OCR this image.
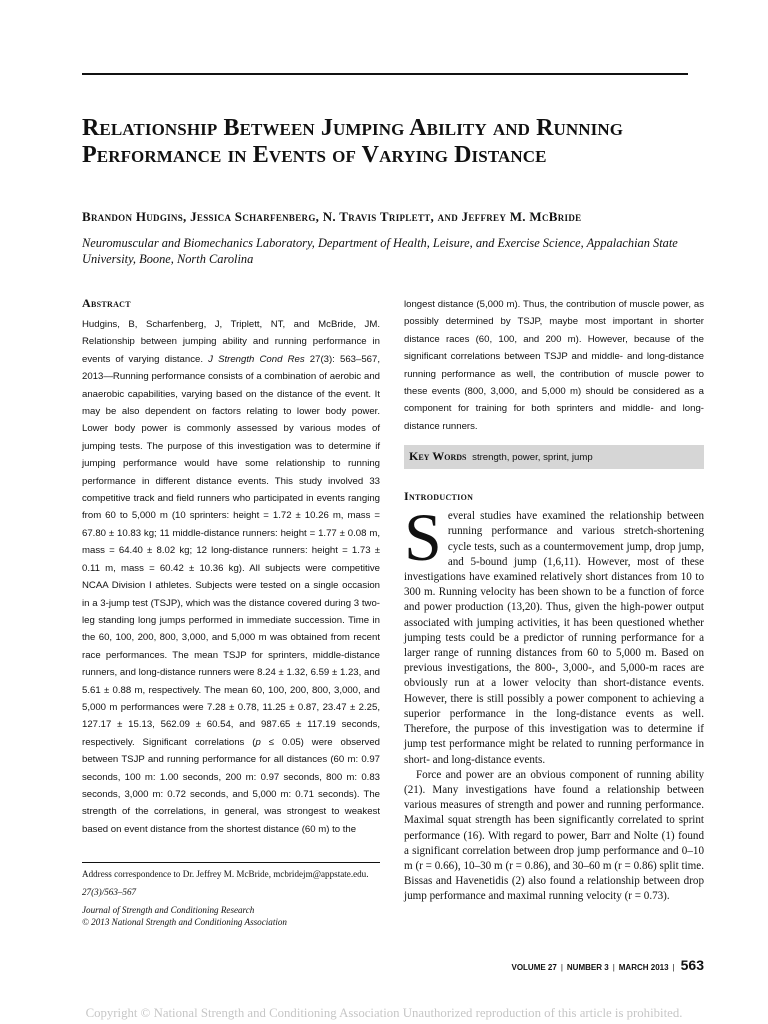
Relationship Between Jumping Ability and Running Performance in Events of Varying Distance

Brandon Hudgins, Jessica Scharfenberg, N. Travis Triplett, and Jeffrey M. McBride

Neuromuscular and Biomechanics Laboratory, Department of Health, Leisure, and Exercise Science, Appalachian State University, Boone, North Carolina

Abstract

Hudgins, B, Scharfenberg, J, Triplett, NT, and McBride, JM. Relationship between jumping ability and running performance in events of varying distance. J Strength Cond Res 27(3): 563–567, 2013—Running performance consists of a combination of aerobic and anaerobic capabilities, varying based on the distance of the event. It may be also dependent on factors relating to lower body power. Lower body power is commonly assessed by various modes of jumping tests. The purpose of this investigation was to determine if jumping performance would have some relationship to running performance in different distance events. This study involved 33 competitive track and field runners who participated in events ranging from 60 to 5,000 m (10 sprinters: height = 1.72 ± 10.26 m, mass = 67.80 ± 10.83 kg; 11 middle-distance runners: height = 1.77 ± 0.08 m, mass = 64.40 ± 8.02 kg; 12 long-distance runners: height = 1.73 ± 0.11 m, mass = 60.42 ± 10.36 kg). All subjects were competitive NCAA Division I athletes. Subjects were tested on a single occasion in a 3-jump test (TSJP), which was the distance covered during 3 two-leg standing long jumps performed in immediate succession. Time in the 60, 100, 200, 800, 3,000, and 5,000 m was obtained from recent race performances. The mean TSJP for sprinters, middle-distance runners, and long-distance runners were 8.24 ± 1.32, 6.59 ± 1.23, and 5.61 ± 0.88 m, respectively. The mean 60, 100, 200, 800, 3,000, and 5,000 m performances were 7.28 ± 0.78, 11.25 ± 0.87, 23.47 ± 2.25, 127.17 ± 15.13, 562.09 ± 60.54, and 987.65 ± 117.19 seconds, respectively. Significant correlations (p ≤ 0.05) were observed between TSJP and running performance for all distances (60 m: 0.97 seconds, 100 m: 1.00 seconds, 200 m: 0.97 seconds, 800 m: 0.83 seconds, 3,000 m: 0.72 seconds, and 5,000 m: 0.71 seconds). The strength of the correlations, in general, was strongest to weakest based on event distance from the shortest distance (60 m) to the

longest distance (5,000 m). Thus, the contribution of muscle power, as possibly determined by TSJP, maybe most important in shorter distance races (60, 100, and 200 m). However, because of the significant correlations between TSJP and middle- and long-distance running performance as well, the contribution of muscle power to these events (800, 3,000, and 5,000 m) should be considered as a component for training for both sprinters and middle- and long-distance runners.

Key Words strength, power, sprint, jump
Introduction

Several studies have examined the relationship between running performance and various stretch-shortening cycle tests, such as a countermovement jump, drop jump, and 5-bound jump (1,6,11). However, most of these investigations have examined relatively short distances from 10 to 300 m. Running velocity has been shown to be a function of force and power production (13,20). Thus, given the high-power output associated with jumping activities, it has been questioned whether jumping tests could be a predictor of running performance for a larger range of running distances from 60 to 5,000 m. Based on previous investigations, the 800-, 3,000-, and 5,000-m races are obviously run at a lower velocity than short-distance events. However, there is still possibly a power component to achieving a superior performance in the long-distance events as well. Therefore, the purpose of this investigation was to determine if jump test performance might be related to running performance in short- and long-distance events.

Force and power are an obvious component of running ability (21). Many investigations have found a relationship between various measures of strength and power and running performance. Maximal squat strength has been significantly correlated to sprint performance (16). With regard to power, Barr and Nolte (1) found a significant correlation between drop jump performance and 0–10 m (r = 0.66), 10–30 m (r = 0.86), and 30–60 m (r = 0.86) split time. Bissas and Havenetidis (2) also found a relationship between drop jump performance and maximal running velocity (r = 0.73).

Address correspondence to Dr. Jeffrey M. McBride, mcbridejm@appstate.edu.

27(3)/563–567

Journal of Strength and Conditioning Research

© 2013 National Strength and Conditioning Association

VOLUME 27 | NUMBER 3 | MARCH 2013 | 563
Copyright © National Strength and Conditioning Association Unauthorized reproduction of this article is prohibited.
